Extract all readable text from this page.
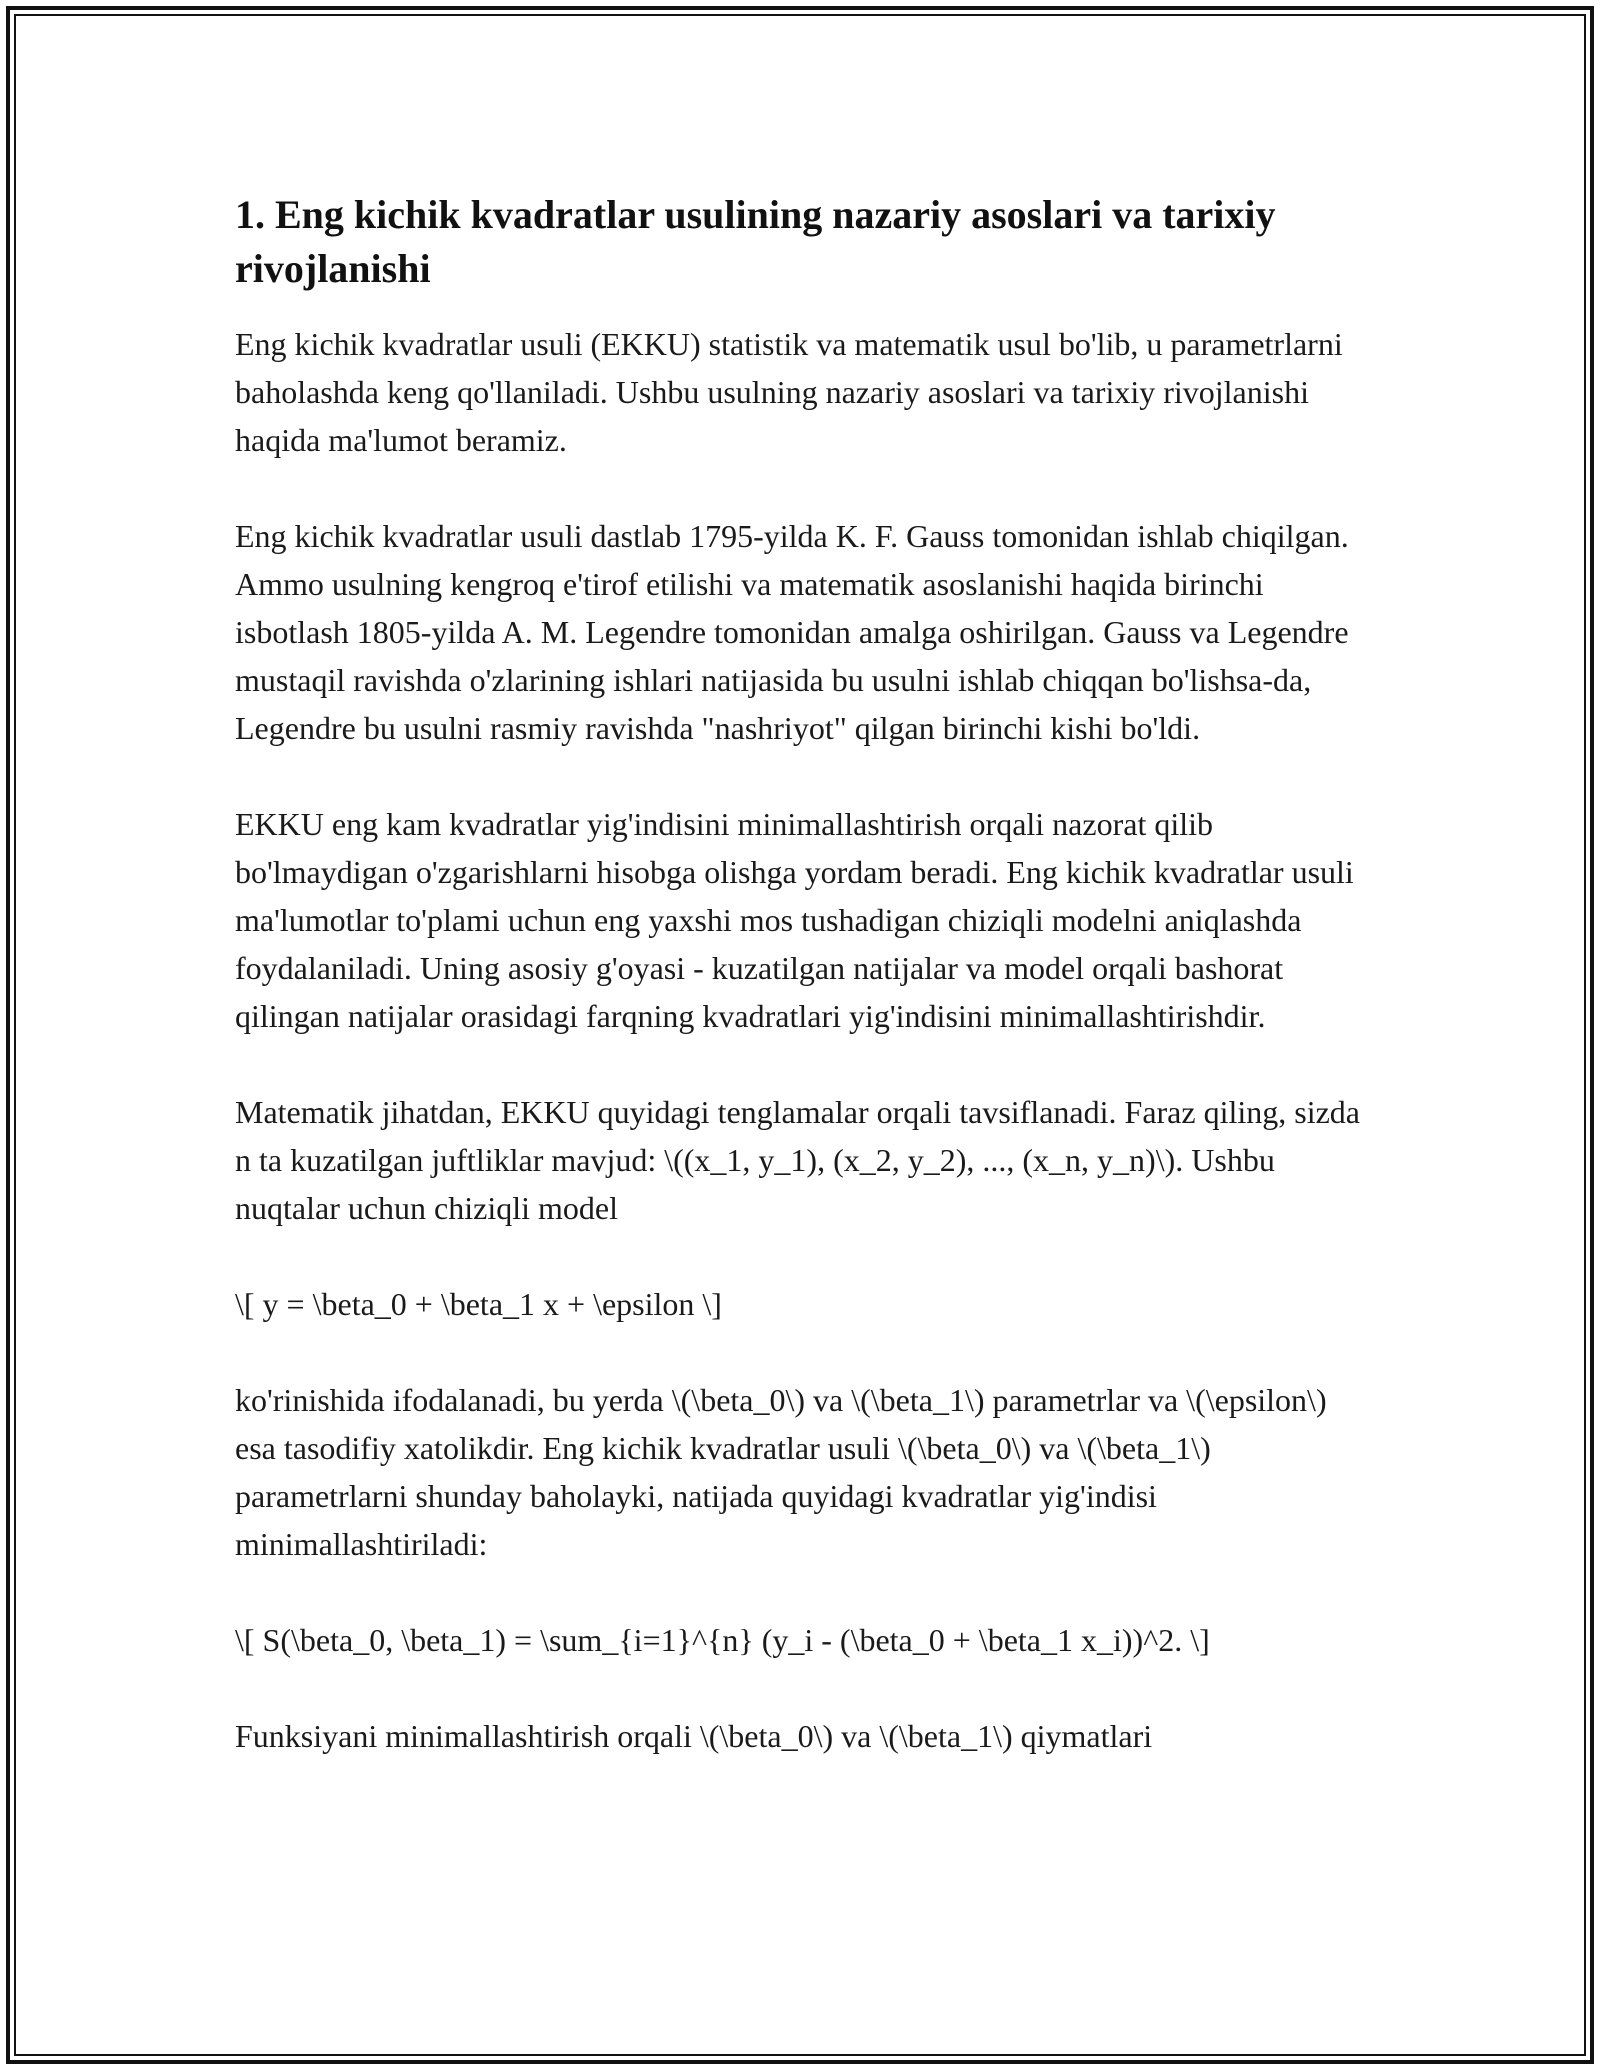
1. Eng kichik kvadratlar usulining nazariy asoslari va tarixiy rivojlanishi

Eng kichik kvadratlar usuli (EKKU) statistik va matematik usul bo'lib, u parametrlarni baholashda keng qo'llaniladi. Ushbu usulning nazariy asoslari va tarixiy rivojlanishi haqida ma'lumot beramiz.

Eng kichik kvadratlar usuli dastlab 1795-yilda K. F. Gauss tomonidan ishlab chiqilgan. Ammo usulning kengroq e'tirof etilishi va matematik asoslanishi haqida birinchi isbotlash 1805-yilda A. M. Legendre tomonidan amalga oshirilgan. Gauss va Legendre mustaqil ravishda o'zlarining ishlari natijasida bu usulni ishlab chiqqan bo'lishsa-da, Legendre bu usulni rasmiy ravishda "nashriyot" qilgan birinchi kishi bo'ldi.

EKKU eng kam kvadratlar yig'indisini minimallashtirish orqali nazorat qilib bo'lmaydigan o'zgarishlarni hisobga olishga yordam beradi. Eng kichik kvadratlar usuli ma'lumotlar to'plami uchun eng yaxshi mos tushadigan chiziqli modelni aniqlashda foydalaniladi. Uning asosiy g'oyasi - kuzatilgan natijalar va model orqali bashorat qilingan natijalar orasidagi farqning kvadratlari yig'indisini minimallashtirishdir.

Matematik jihatdan, EKKU quyidagi tenglamalar orqali tavsiflanadi. Faraz qiling, sizda n ta kuzatilgan juftliklar mavjud: \((x_1, y_1), (x_2, y_2), ..., (x_n, y_n)\). Ushbu nuqtalar uchun chiziqli model

\[ y = \beta_0 + \beta_1 x + \epsilon \]

ko'rinishida ifodalanadi, bu yerda \(\beta_0\) va \(\beta_1\) parametrlar va \(\epsilon\) esa tasodifiy xatolikdir. Eng kichik kvadratlar usuli \(\beta_0\) va \(\beta_1\) parametrlarni shunday baholayki, natijada quyidagi kvadratlar yig'indisi minimallashtiriladi:

\[ S(\beta_0, \beta_1) = \sum_{i=1}^{n} (y_i - (\beta_0 + \beta_1 x_i))^2. \]

Funksiyani minimallashtirish orqali \(\beta_0\) va \(\beta_1\) qiymatlari
